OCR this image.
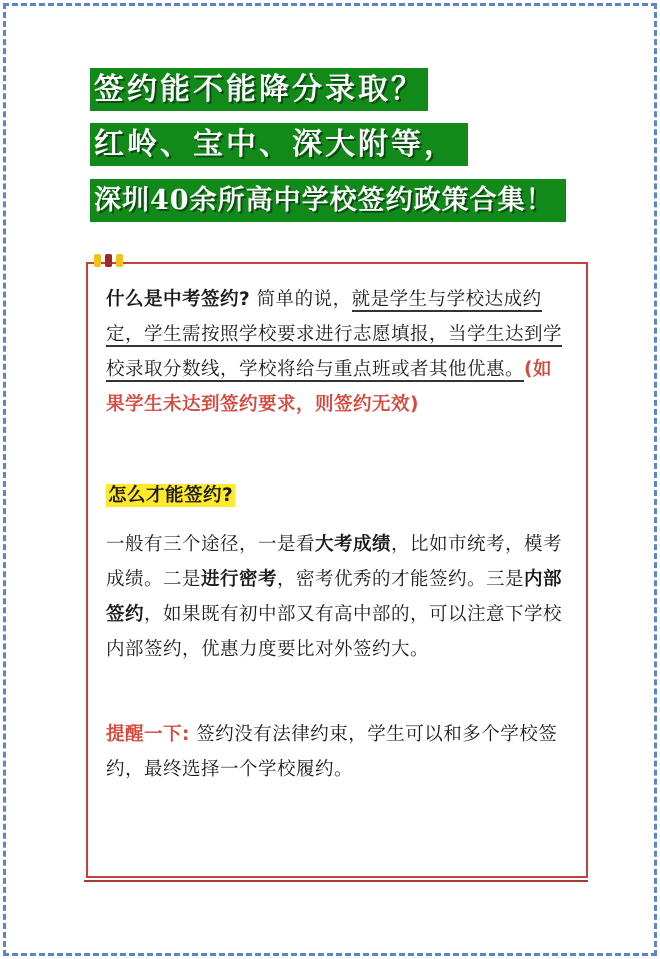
签约能不能降分录取？
红岭、宝中、深大附等，
深圳40余所高中学校签约政策合集！

什么是中考签约? 简单的说，就是学生与学校达成约定，学生需按照学校要求进行志愿填报，当学生达到学校录取分数线，学校将给与重点班或者其他优惠。(如果学生未达到签约要求，则签约无效)

怎么才能签约?

一般有三个途径，一是看大考成绩，比如市统考，模考成绩。二是进行密考，密考优秀的才能签约。三是内部签约，如果既有初中部又有高中部的，可以注意下学校内部签约，优惠力度要比对外签约大。

提醒一下: 签约没有法律约束，学生可以和多个学校签约，最终选择一个学校履约。
